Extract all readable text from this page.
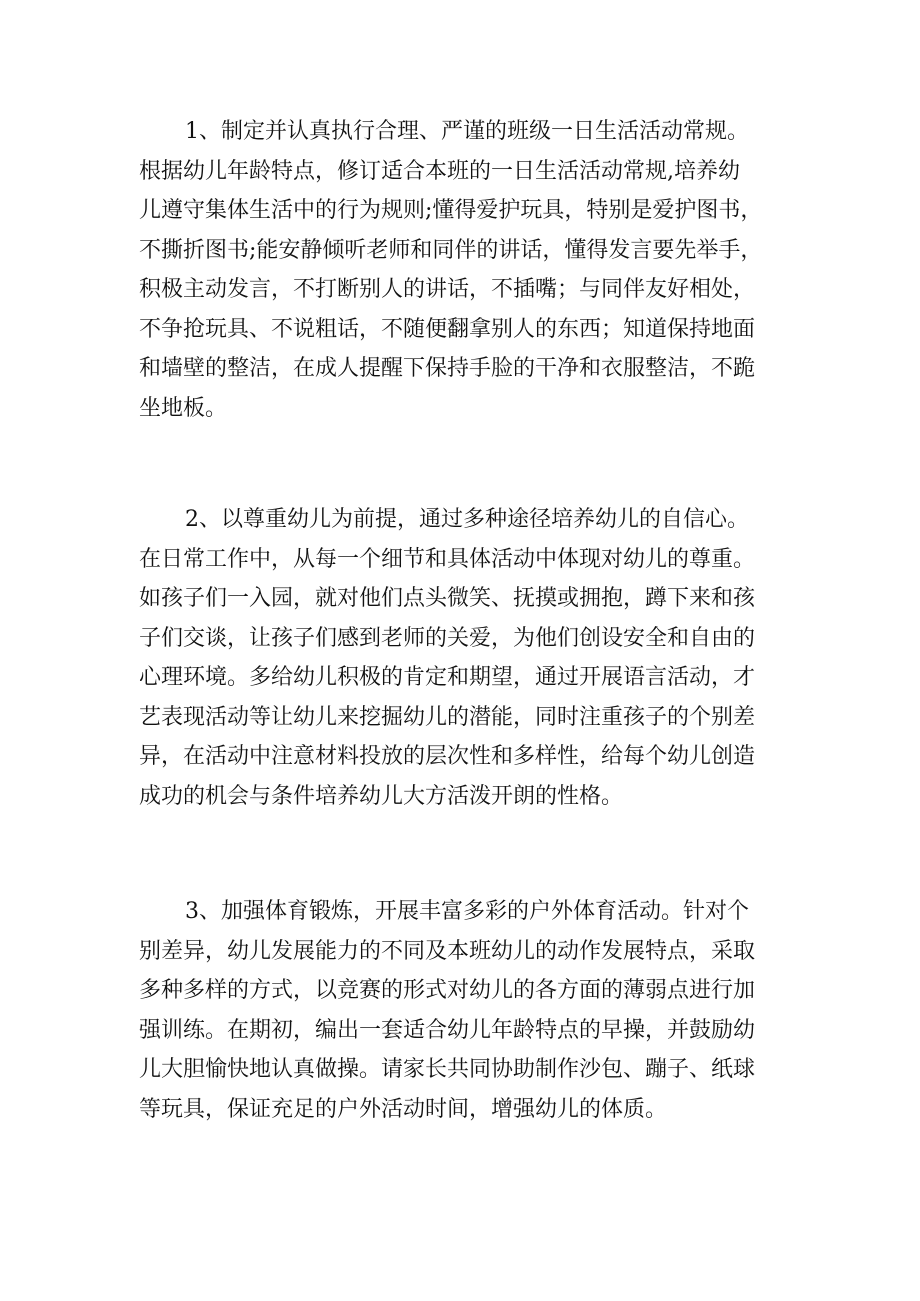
1、制定并认真执行合理、严谨的班级一日生活活动常规。
根据幼儿年龄特点，修订适合本班的一日生活活动常规,培养幼
儿遵守集体生活中的行为规则;懂得爱护玩具，特别是爱护图书，
不撕折图书;能安静倾听老师和同伴的讲话，懂得发言要先举手，
积极主动发言，不打断别人的讲话，不插嘴；与同伴友好相处，
不争抢玩具、不说粗话，不随便翻拿别人的东西；知道保持地面
和墙壁的整洁，在成人提醒下保持手脸的干净和衣服整洁，不跪
坐地板。

2、以尊重幼儿为前提，通过多种途径培养幼儿的自信心。
在日常工作中，从每一个细节和具体活动中体现对幼儿的尊重。
如孩子们一入园，就对他们点头微笑、抚摸或拥抱，蹲下来和孩
子们交谈，让孩子们感到老师的关爱，为他们创设安全和自由的
心理环境。多给幼儿积极的肯定和期望，通过开展语言活动，才
艺表现活动等让幼儿来挖掘幼儿的潜能，同时注重孩子的个别差
异，在活动中注意材料投放的层次性和多样性，给每个幼儿创造
成功的机会与条件培养幼儿大方活泼开朗的性格。

3、加强体育锻炼，开展丰富多彩的户外体育活动。针对个
别差异，幼儿发展能力的不同及本班幼儿的动作发展特点，采取
多种多样的方式，以竞赛的形式对幼儿的各方面的薄弱点进行加
强训练。在期初，编出一套适合幼儿年龄特点的早操，并鼓励幼
儿大胆愉快地认真做操。请家长共同协助制作沙包、蹦子、纸球
等玩具，保证充足的户外活动时间，增强幼儿的体质。
